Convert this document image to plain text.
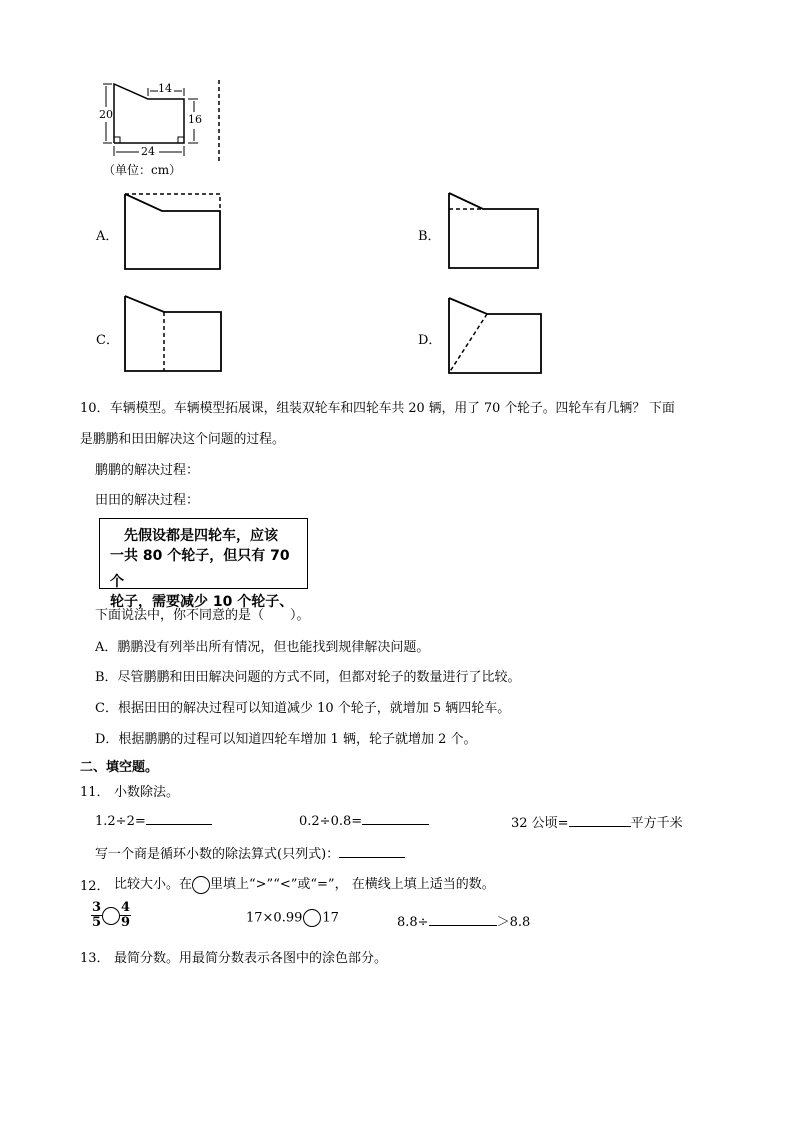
14
20	16
24
（单位：cm）
A．	B．
C．	D．
10． 车辆模型。车辆模型拓展课，组装双轮车和四轮车共 20 辆，用了 70 个轮子。四轮车有几辆？ 下面
是鹏鹏和田田解决这个问题的过程。
鹏鹏的解决过程：
田田的解决过程：
先假设都是四轮车，应该
一共 80 个轮子，但只有 70 个
轮子，需要减少 10 个轮子、
下面说法中，你不同意的是（　　）。
A．鹏鹏没有列举出所有情况，但也能找到规律解决问题。
B．尽管鹏鹏和田田解决问题的方式不同，但都对轮子的数量进行了比较。
C．根据田田的解决过程可以知道减少 10 个轮子，就增加 5 辆四轮车。
D．根据鹏鹏的过程可以知道四轮车增加 1 辆，轮子就增加 2 个。
二、填空题。
11． 小数除法。
1.2÷2=	0.2÷0.8=	32 公顷=	平方千米
写一个商是循环小数的除法算式(只列式)：
12． 比较大小。在 里填上“>”“<”或“=”， 在横线上填上适当的数。
$\frac{3}{5} \frac{4}{9}$	17×0.99 17	8.8÷	＞8.8
13． 最简分数。用最简分数表示各图中的涂色部分。
